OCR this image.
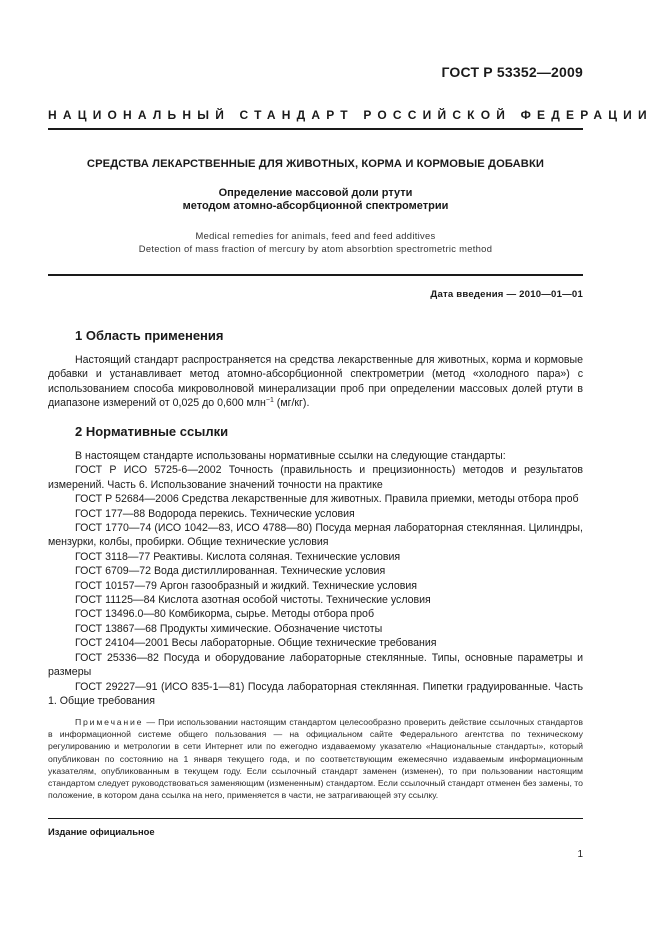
ГОСТ Р 53352—2009
НАЦИОНАЛЬНЫЙ СТАНДАРТ РОССИЙСКОЙ ФЕДЕРАЦИИ
СРЕДСТВА ЛЕКАРСТВЕННЫЕ ДЛЯ ЖИВОТНЫХ, КОРМА И КОРМОВЫЕ ДОБАВКИ
Определение массовой доли ртути
методом атомно-абсорбционной спектрометрии
Medical remedies for animals, feed and feed additives
Detection of mass fraction of mercury by atom absorbtion spectrometric method
Дата введения — 2010—01—01
1 Область применения

Настоящий стандарт распространяется на средства лекарственные для животных, корма и кормовые добавки и устанавливает метод атомно-абсорбционной спектрометрии (метод «холодного пара») с использованием способа микроволновой минерализации проб при определении массовых долей ртути в диапазоне измерений от 0,025 до 0,600 млн$^{-1}$ (мг/кг).

2 Нормативные ссылки

В настоящем стандарте использованы нормативные ссылки на следующие стандарты:

ГОСТ Р ИСО 5725-6—2002 Точность (правильность и прецизионность) методов и результатов измерений. Часть 6. Использование значений точности на практике

ГОСТ Р 52684—2006 Средства лекарственные для животных. Правила приемки, методы отбора проб

ГОСТ 177—88 Водорода перекись. Технические условия

ГОСТ 1770—74 (ИСО 1042—83, ИСО 4788—80) Посуда мерная лабораторная стеклянная. Цилиндры, мензурки, колбы, пробирки. Общие технические условия

ГОСТ 3118—77 Реактивы. Кислота соляная. Технические условия

ГОСТ 6709—72 Вода дистиллированная. Технические условия

ГОСТ 10157—79 Аргон газообразный и жидкий. Технические условия

ГОСТ 11125—84 Кислота азотная особой чистоты. Технические условия

ГОСТ 13496.0—80 Комбикорма, сырье. Методы отбора проб

ГОСТ 13867—68 Продукты химические. Обозначение чистоты

ГОСТ 24104—2001 Весы лабораторные. Общие технические требования

ГОСТ 25336—82 Посуда и оборудование лабораторные стеклянные. Типы, основные параметры и размеры

ГОСТ 29227—91 (ИСО 835-1—81) Посуда лабораторная стеклянная. Пипетки градуированные. Часть 1. Общие требования

Примечание — При использовании настоящим стандартом целесообразно проверить действие ссылочных стандартов в информационной системе общего пользования — на официальном сайте Федерального агентства по техническому регулированию и метрологии в сети Интернет или по ежегодно издаваемому указателю «Национальные стандарты», который опубликован по состоянию на 1 января текущего года, и по соответствующим ежемесячно издаваемым информационным указателям, опубликованным в текущем году. Если ссылочный стандарт заменен (изменен), то при пользовании настоящим стандартом следует руководствоваться заменяющим (измененным) стандартом. Если ссылочный стандарт отменен без замены, то положение, в котором дана ссылка на него, применяется в части, не затрагивающей эту ссылку.
Издание официальное
1
